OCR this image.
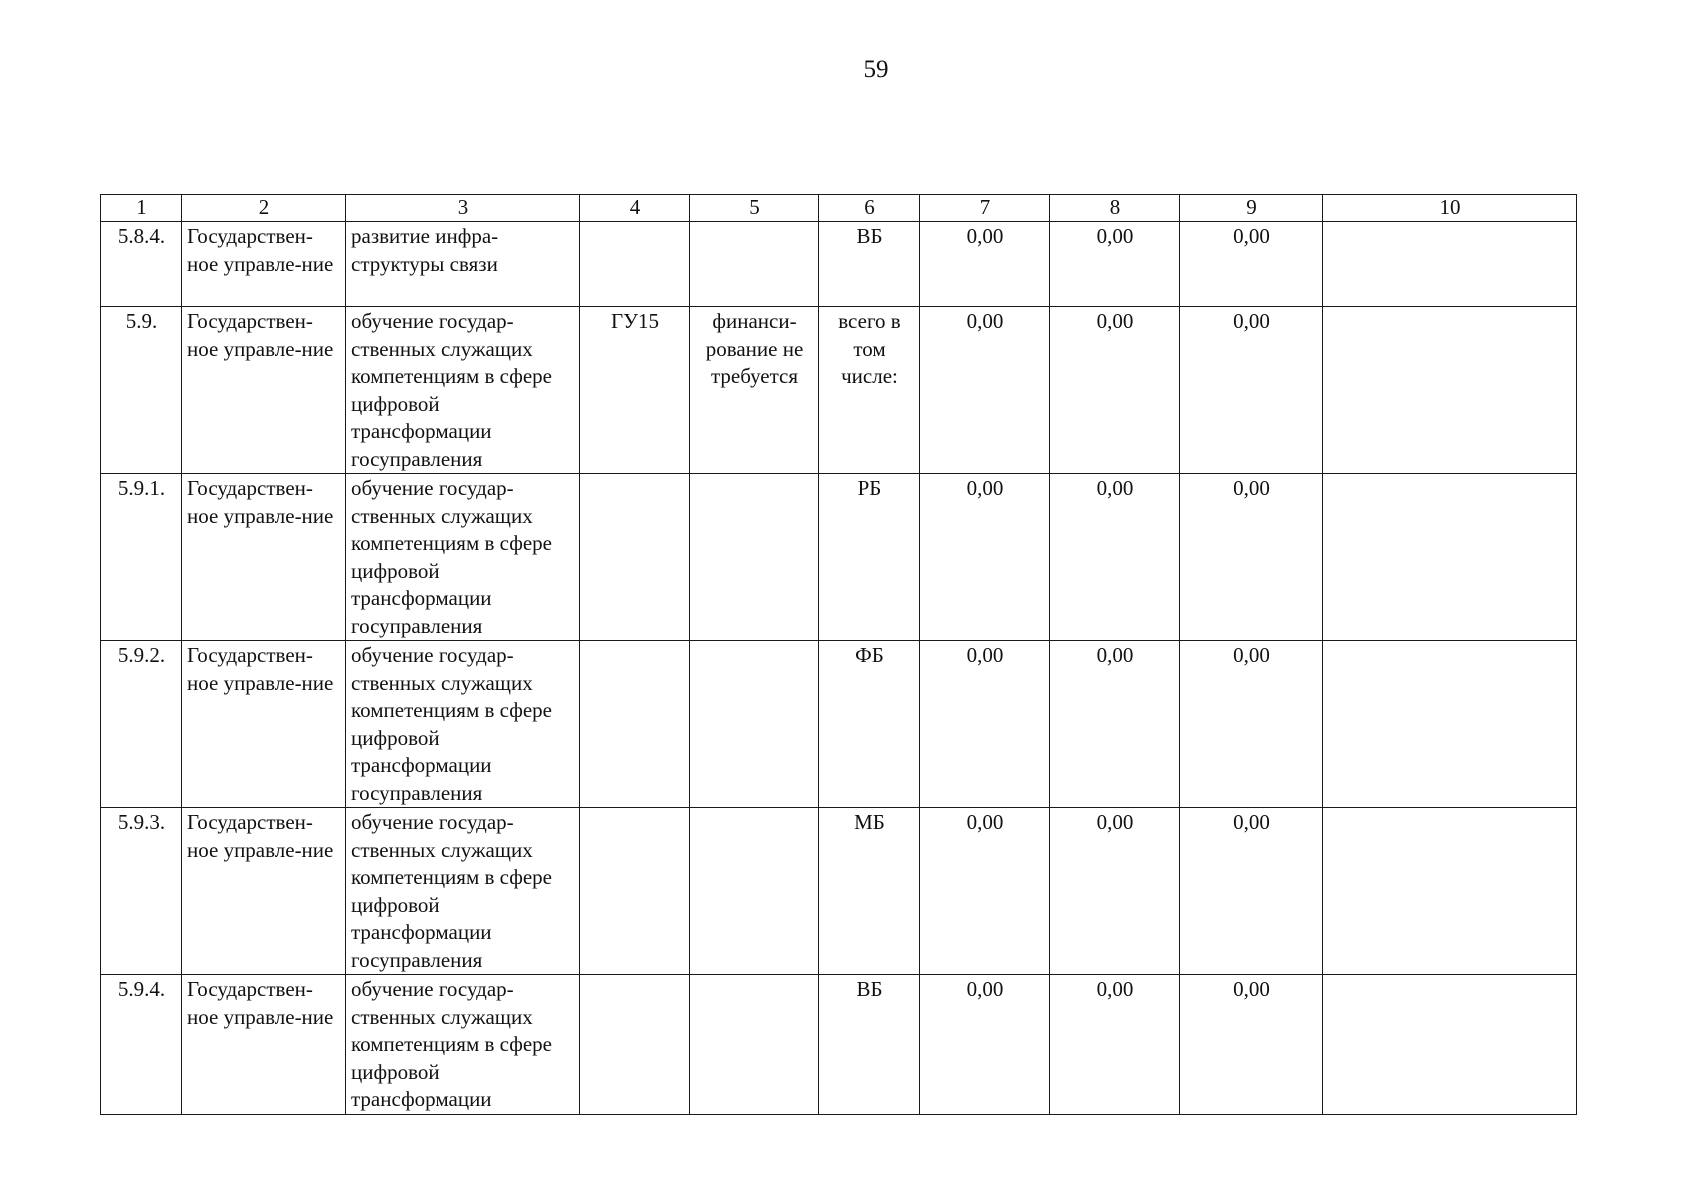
59
1	2	3	4	5	6	7	8	9	10
5.8.4.	Государствен-ное управле-ние	развитие инфра-структуры связи			ВБ	0,00	0,00	0,00	
5.9.	Государствен-ное управле-ние	обучение государ-ственных служащих компетенциям в сфере цифровой трансформации госуправления	ГУ15	финанси-рование не требуется	всего в том числе:	0,00	0,00	0,00	
5.9.1.	Государствен-ное управле-ние	обучение государ-ственных служащих компетенциям в сфере цифровой трансформации госуправления			РБ	0,00	0,00	0,00	
5.9.2.	Государствен-ное управле-ние	обучение государ-ственных служащих компетенциям в сфере цифровой трансформации госуправления			ФБ	0,00	0,00	0,00	
5.9.3.	Государствен-ное управле-ние	обучение государ-ственных служащих компетенциям в сфере цифровой трансформации госуправления			МБ	0,00	0,00	0,00	
5.9.4.	Государствен-ное управле-ние	обучение государ-ственных служащих компетенциям в сфере цифровой трансформации			ВБ	0,00	0,00	0,00	
